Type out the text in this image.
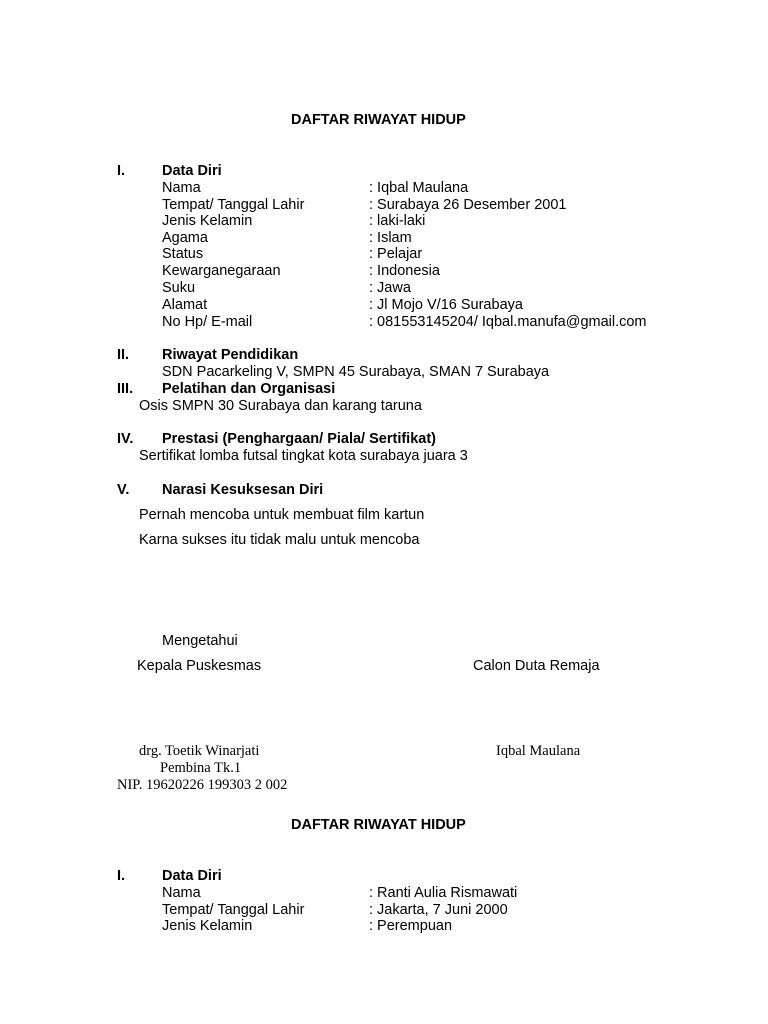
DAFTAR RIWAYAT HIDUP
I.	Data Diri
Nama	: Iqbal Maulana
Tempat/ Tanggal Lahir	: Surabaya 26 Desember 2001
Jenis Kelamin	: laki-laki
Agama	: Islam
Status	: Pelajar
Kewarganegaraan	: Indonesia
Suku	: Jawa
Alamat	: Jl Mojo V/16 Surabaya
No Hp/ E-mail	: 081553145204/ Iqbal.manufa@gmail.com
II. Riwayat Pendidikan
SDN Pacarkeling V, SMPN 45 Surabaya, SMAN 7 Surabaya
III. Pelatihan dan Organisasi
Osis SMPN 30 Surabaya dan karang taruna
IV. Prestasi (Penghargaan/ Piala/ Sertifikat)
Sertifikat lomba futsal tingkat kota surabaya juara 3
V. Narasi Kesuksesan Diri
Pernah mencoba untuk membuat film kartun
Karna sukses itu tidak malu untuk mencoba
Mengetahui
Kepala Puskesmas	Calon Duta Remaja
drg. Toetik Winarjati	Iqbal Maulana
Pembina Tk.1
NIP. 19620226 199303 2 002
DAFTAR RIWAYAT HIDUP
I.	Data Diri
Nama	: Ranti Aulia Rismawati
Tempat/ Tanggal Lahir	: Jakarta, 7 Juni 2000
Jenis Kelamin	: Perempuan
